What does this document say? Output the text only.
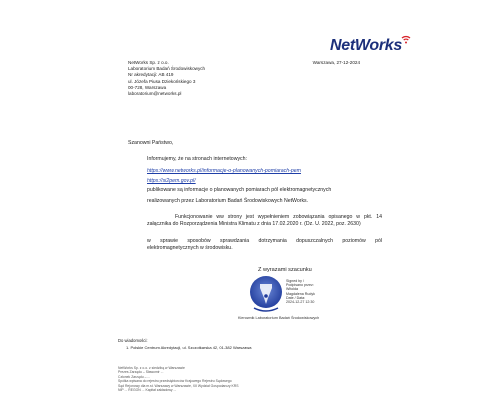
NetWorks
NetWorks Sp. z o.o.
Laboratorium Badań Środowiskowych
Nr akredytacji: AB 419
ul. Józefa Piusa Dziekońskiego 3
00-728, Warszawa
laboratorium@networks.pl
Warszawa, 27-12-2024
Szanowni Państwo,
Informujemy, że na stronach internetowych:
https://www.networks.pl/informacje-o-planowanych-pomiarach-pem
https://si2pem.gov.pl/
publikowane są informacje o planowanych pomiarach pól elektromagnetycznych
realizowanych przez Laboratorium Badań Środowiskowych NetWorks.
Funkcjonowanie ww strony jest wypełnieniem zobowiązania opisanego w pkt. 14 załącznika do Rozporządzenia Ministra Klimatu z dnia 17.02.2020 r. (Dz. U. 2022, poz. 2630)
w sprawie sposobów sprawdzania dotrzymania dopuszczalnych poziomów pól
elektromagnetycznych w środowisku.
Z wyrazami szacunku
Signed by /
Podpisano przez:
Witolda
Magdalena Rudyk
Date / Data:
2024-12-27 12:30
Kierownik Laboratorium Badań Środowiskowych
Do wiadomości:
1. Polskie Centrum Akredytacji, ul. Szczotkarska 42, 01-382 Warszawa
NetWorks Sp. z o.o. z siedzibą w Warszawie
Prezes Zarządu – Sławomir ...
Członek Zarządu – ...
Spółka wpisana do rejestru przedsiębiorców Krajowego Rejestru Sądowego
Sąd Rejonowy dla m.st. Warszawy w Warszawie, XII Wydział Gospodarczy KRS
NIP ... REGON ... Kapitał zakładowy ...
